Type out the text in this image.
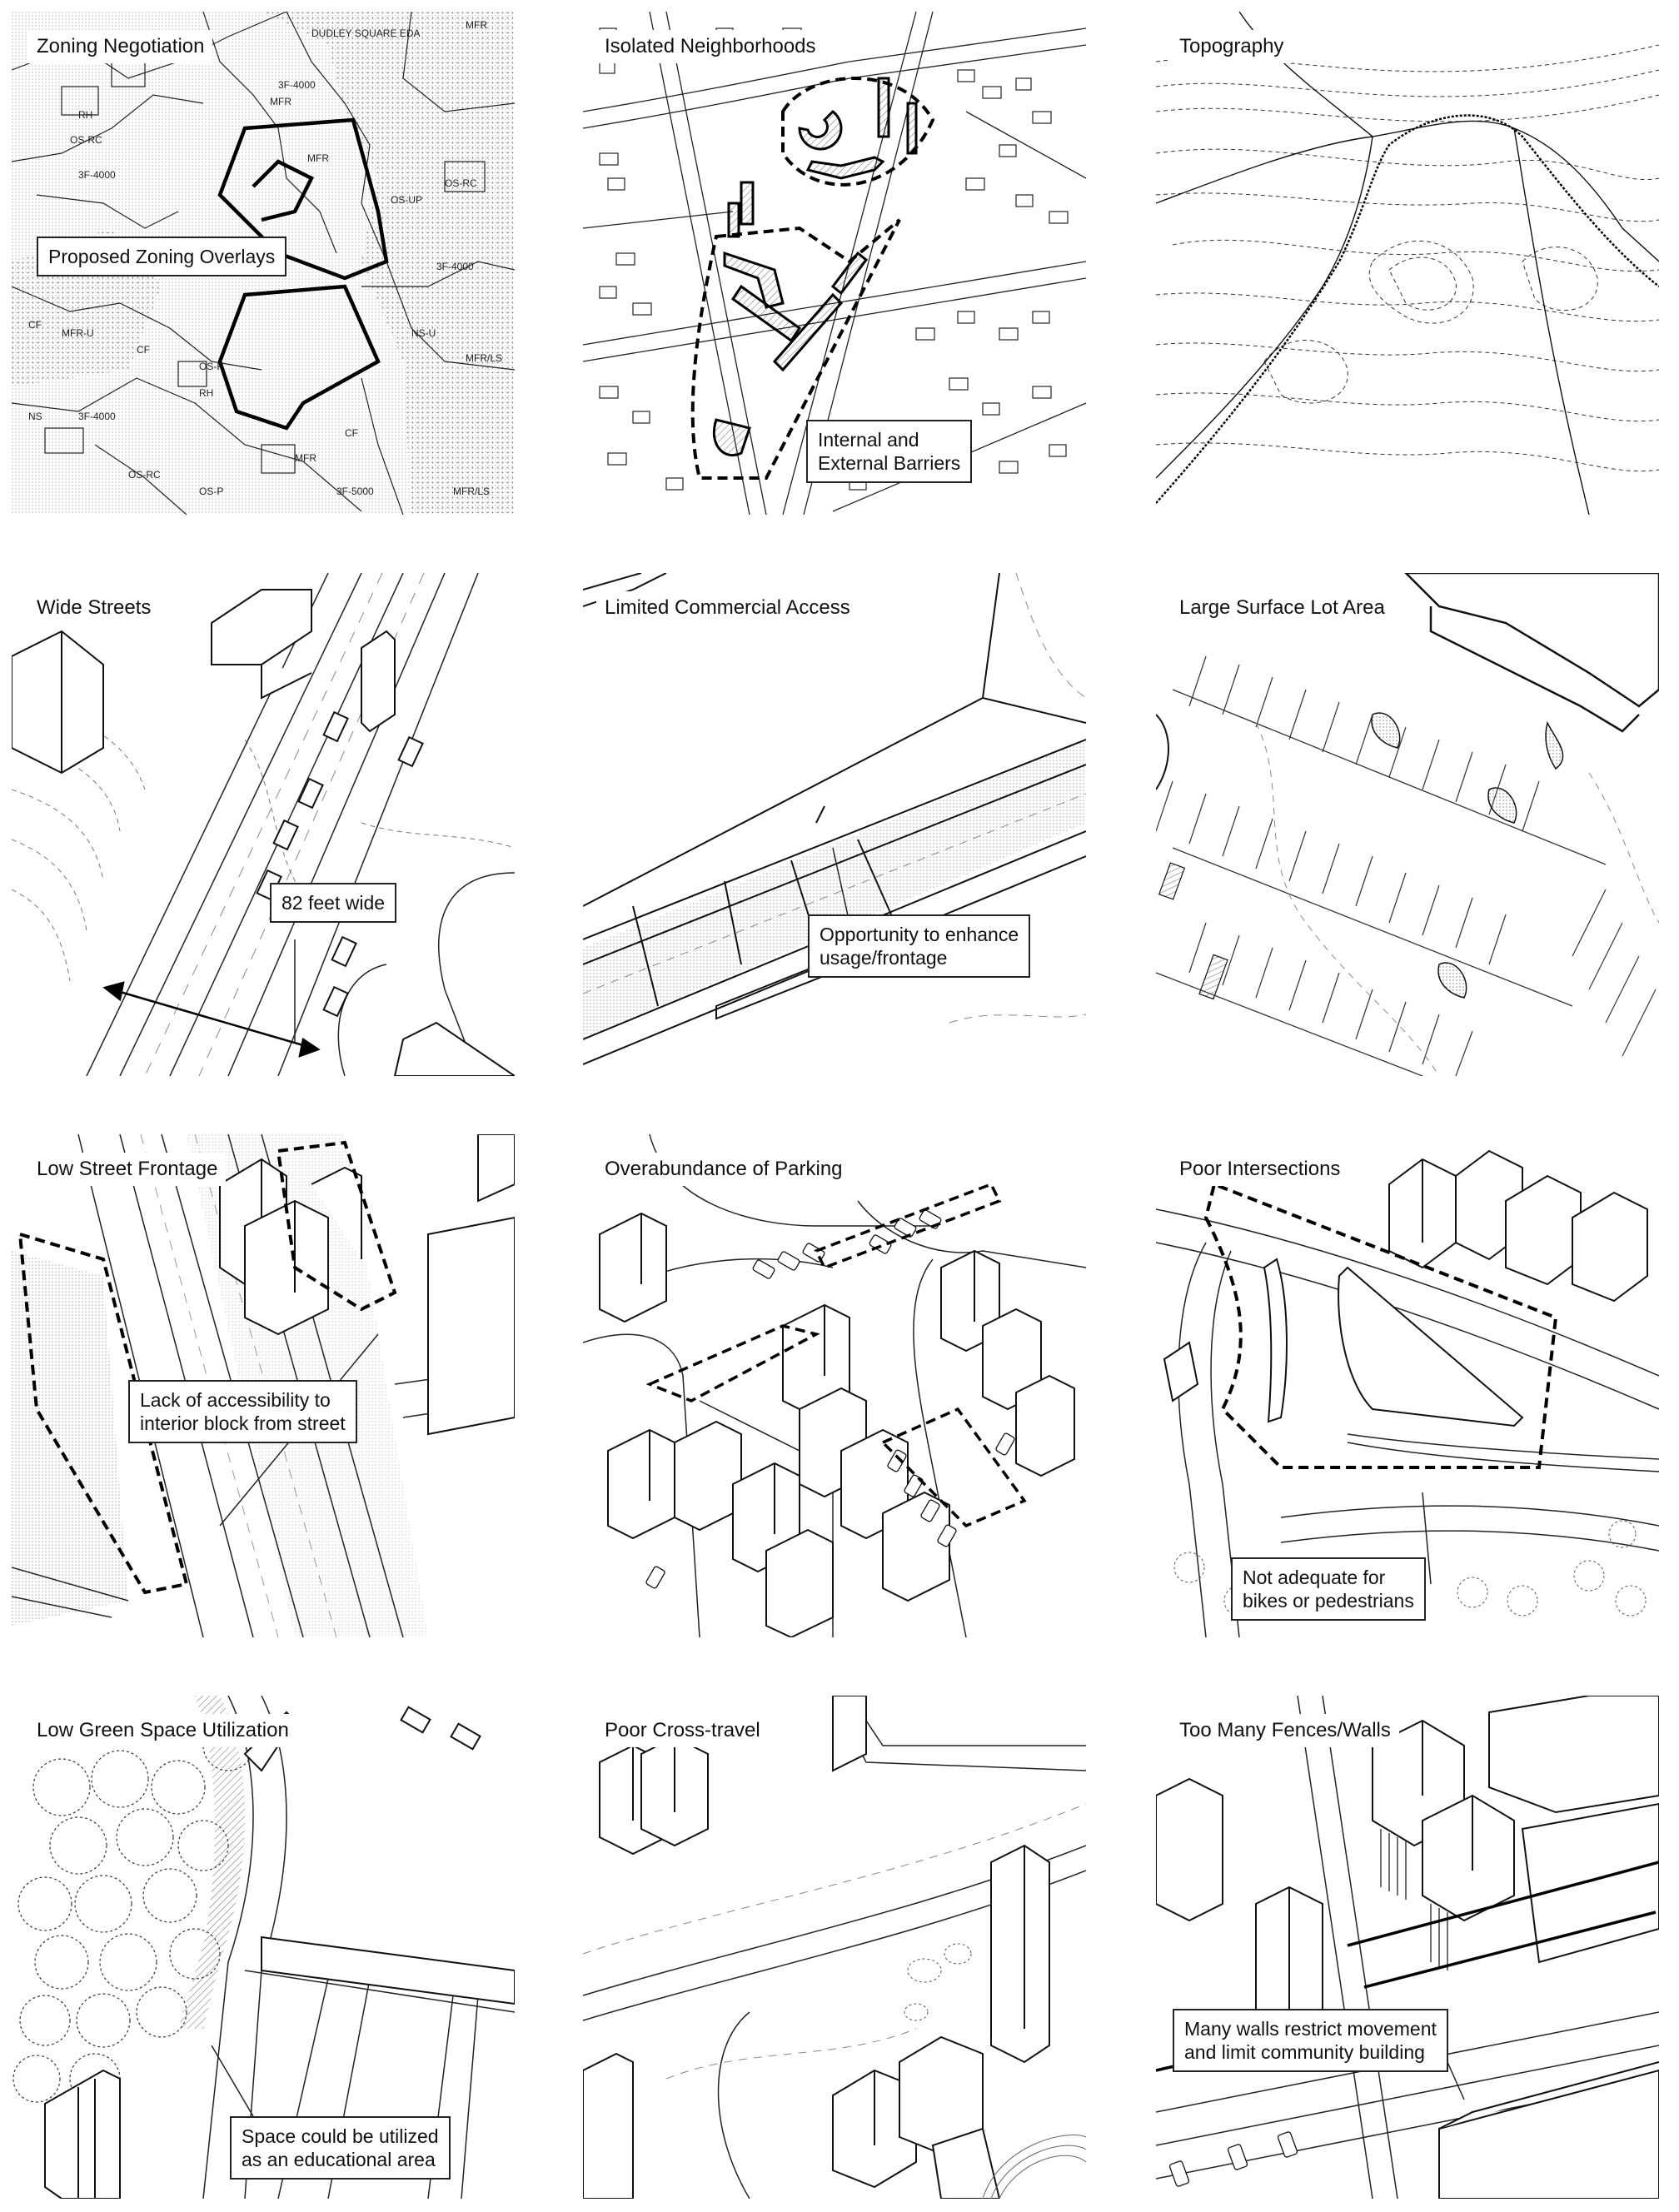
DUDLEY SQUARE EDA
MFR
RH
OS-RC
3F-4000
MFR
3F-4000
MFR
OS-RC
OS-UP
3F-4000
CF
MFR-U	NS-U
MFR/LS
CF
OS-P
RH
NS	3F-4000
MFR
CF
3F-5000
OS-P	MFR/LS
OS-RC
Zoning Negotiation
Proposed Zoning Overlays
Isolated Neighborhoods
Internal and
External Barriers
Topography
Wide Streets
82 feet wide
Limited Commercial Access
Opportunity to enhance
usage/frontage
Large Surface Lot Area
Low Street Frontage
Lack of accessibility to
interior block from street
Overabundance of Parking	Poor Intersections
Not adequate for
bikes or pedestrians
Low Green Space Utilization
Space could be utilized
as an educational area
Poor Cross-travel	Too Many Fences/Walls
Many walls restrict movement
and limit community building
